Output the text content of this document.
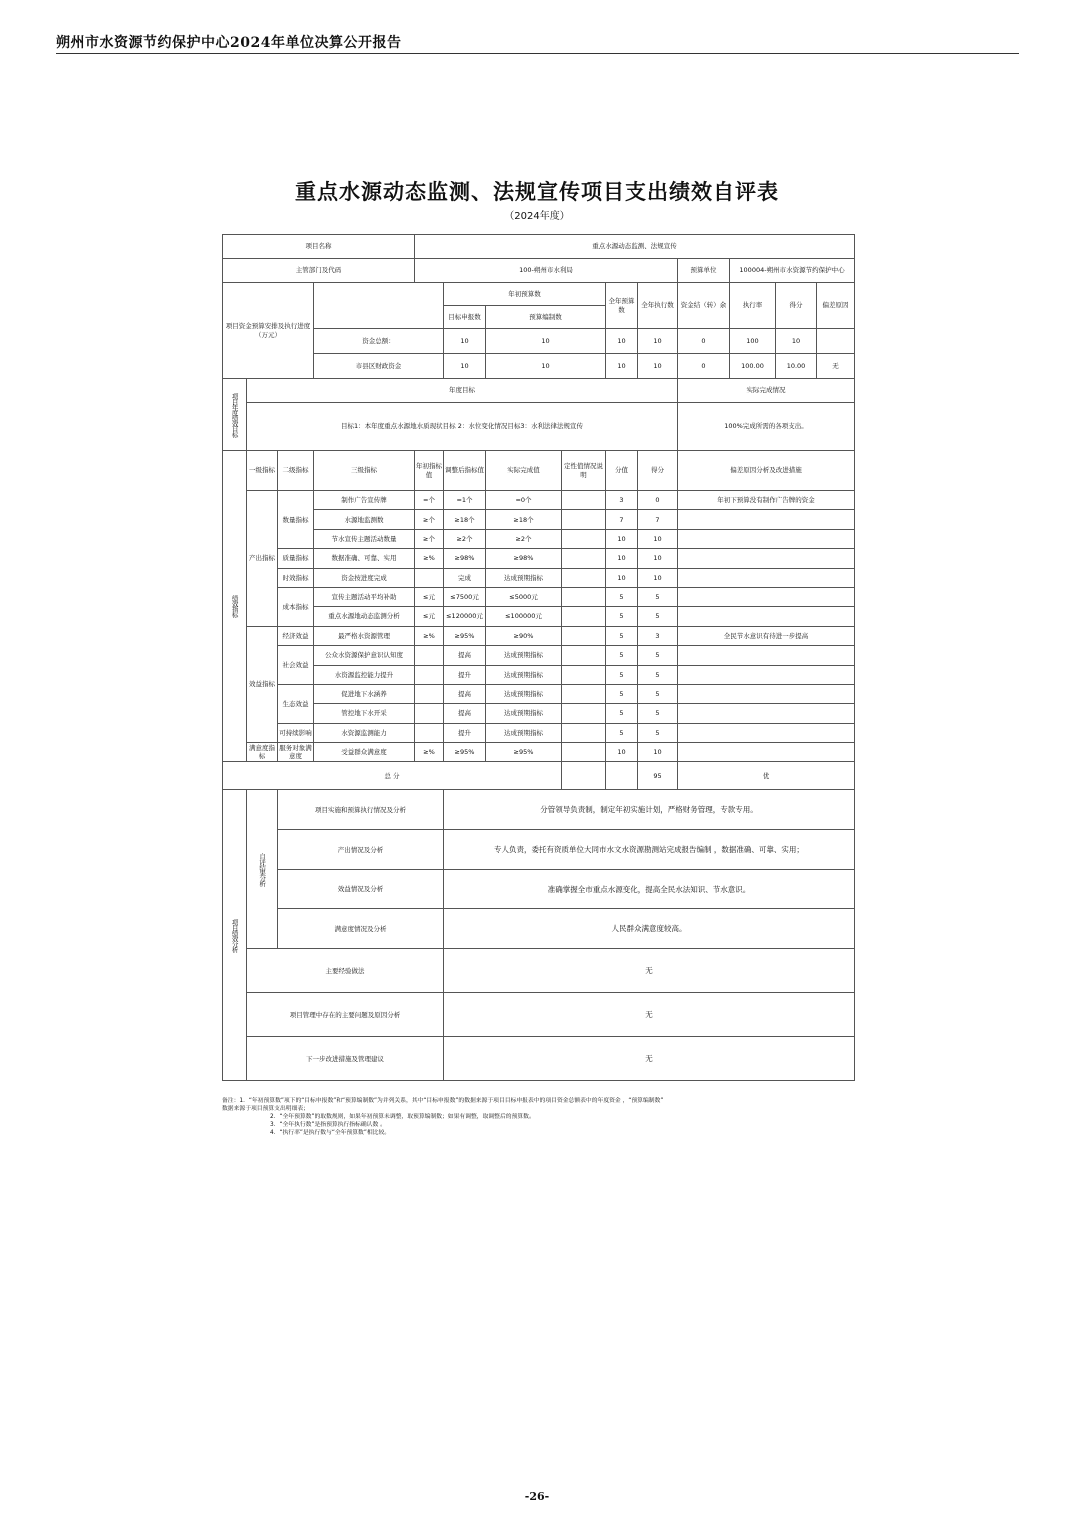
朔州市水资源节约保护中心2024年单位决算公开报告
重点水源动态监测、法规宣传项目支出绩效自评表
（2024年度）
项目名称				重点水源动态监测、法规宣传									
主管部门及代码				100-朔州市水利局						预算单位	100004-朔州市水资源节约保护中心		
项目资金预算安排及执行进度（万元）					年初预算数			全年预算数	全年执行数	资金结（转）余	执行率	得分	偏差原因
					目标申报数	预算编制数							
			资金总额：		10	10		10	10	0	100	10	
			市县区财政资金		10	10		10	10	0	100.00	10.00	无
项目年度绩效目标	年度目标									实际完成情况			
	目标1：本年度重点水源地水质现状目标 2：水位变化情况目标3：水利法律法规宣传									100%完成所需的各项支出。			
绩效指标	一级指标	二级指标	三级指标	年初指标值	调整后指标值	实际完成值	定性值情况说明	分值	得分	偏差原因分析及改进措施			
	产出指标	数量指标	制作广告宣传牌	=个	=1个	=0个		3	0	年初下预算没有制作广告牌的资金			
			水源地监测数	≥个	≥18个	≥18个		7	7				
			节水宣传主题活动数量	≥个	≥2个	≥2个		10	10				
		质量指标	数据准确、可靠、实用	≥%	≥98%	≥98%		10	10				
		时效指标	资金按进度完成		完成	达成预期指标		10	10				
		成本指标	宣传主题活动平均补助	≤元	≤7500元	≤5000元		5	5				
			重点水源地动态监测分析	≤元	≤120000元	≤100000元		5	5				
	效益指标	经济效益	最严格水资源管理	≥%	≥95%	≥90%		5	3	全民节水意识有待进一步提高			
		社会效益	公众水资源保护意识认知度		提高	达成预期指标		5	5				
			水资源监控能力提升		提升	达成预期指标		5	5				
		生态效益	促进地下水涵养		提高	达成预期指标		5	5				
			管控地下水开采		提高	达成预期指标		5	5				
		可持续影响	水资源监测能力		提升	达成预期指标		5	5				
	满意度指标	服务对象满意度	受益群众满意度	≥%	≥95%	≥95%		10	10				
总 分									95	优			
项目绩效分析	自评结果分析	项目实施和预算执行情况及分析			分管领导负责制，制定年初实施计划，严格财务管理，专款专用。								
		产出情况及分析			专人负责，委托有资质单位大同市水文水资源勘测站完成报告编制 ，数据准确、可靠、实用；								
		效益情况及分析			准确掌握全市重点水源变化，提高全民水法知识、节水意识。								
		满意度情况及分析			人民群众满意度较高。								
	主要经验做法				无								
	项目管理中存在的主要问题及原因分析				无								
	下一步改进措施及管理建议				无								
备注：1．“年初预算数”项下的“目标申报数”和“预算编制数”为并列关系，其中“目标申报数”的数据来源于项目目标申报表中的项目资金总额表中的年度资金 ，“预算编制数”
数据来源于项目预算支出明细表；
2．“全年预算数”的取数规则，如果年初预算未调整，取预算编制数；如果有调整，取调整后的预算数。
3．“全年执行数”是指预算执行指标确认数 。
4．“执行率”是执行数与“全年预算数”相比较。
-26-
